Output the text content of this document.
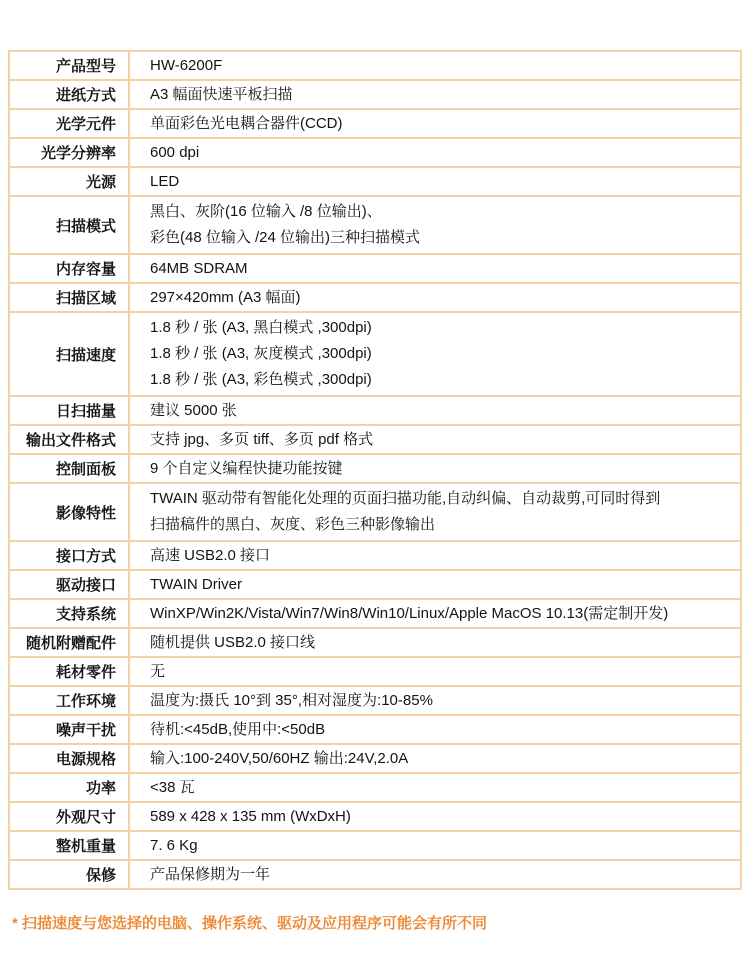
产品型号	HW-6200F

进纸方式	A3 幅面快速平板扫描

光学元件	单面彩色光电耦合器件(CCD)

光学分辨率	600 dpi

光源	LED

扫描模式	黑白、灰阶(16 位输入 /8 位输出)、
彩色(48 位输入 /24 位输出)三种扫描模式

内存容量	64MB SDRAM

扫描区域	297×420mm (A3 幅面)

扫描速度	1.8 秒 / 张 (A3, 黑白模式 ,300dpi)
1.8 秒 / 张 (A3, 灰度模式 ,300dpi)
1.8 秒 / 张 (A3, 彩色模式 ,300dpi)

日扫描量	建议 5000 张

输出文件格式	支持 jpg、多页 tiff、多页 pdf 格式

控制面板	9 个自定义编程快捷功能按键

影像特性	TWAIN 驱动带有智能化处理的页面扫描功能,自动纠偏、自动裁剪,可同时得到
扫描稿件的黑白、灰度、彩色三种影像输出

接口方式	高速 USB2.0 接口

驱动接口	TWAIN Driver

支持系统	WinXP/Win2K/Vista/Win7/Win8/Win10/Linux/Apple MacOS 10.13(需定制开发)

随机附赠配件	随机提供 USB2.0 接口线

耗材零件	无

工作环境	温度为:摄氏 10°到 35°,相对湿度为:10-85%

噪声干扰	待机:<45dB,使用中:<50dB

电源规格	输入:100-240V,50/60HZ 输出:24V,2.0A

功率	<38 瓦

外观尺寸	589 x 428 x 135 mm (WxDxH)

整机重量	7. 6 Kg

保修	产品保修期为一年
* 扫描速度与您选择的电脑、操作系统、驱动及应用程序可能会有所不同
